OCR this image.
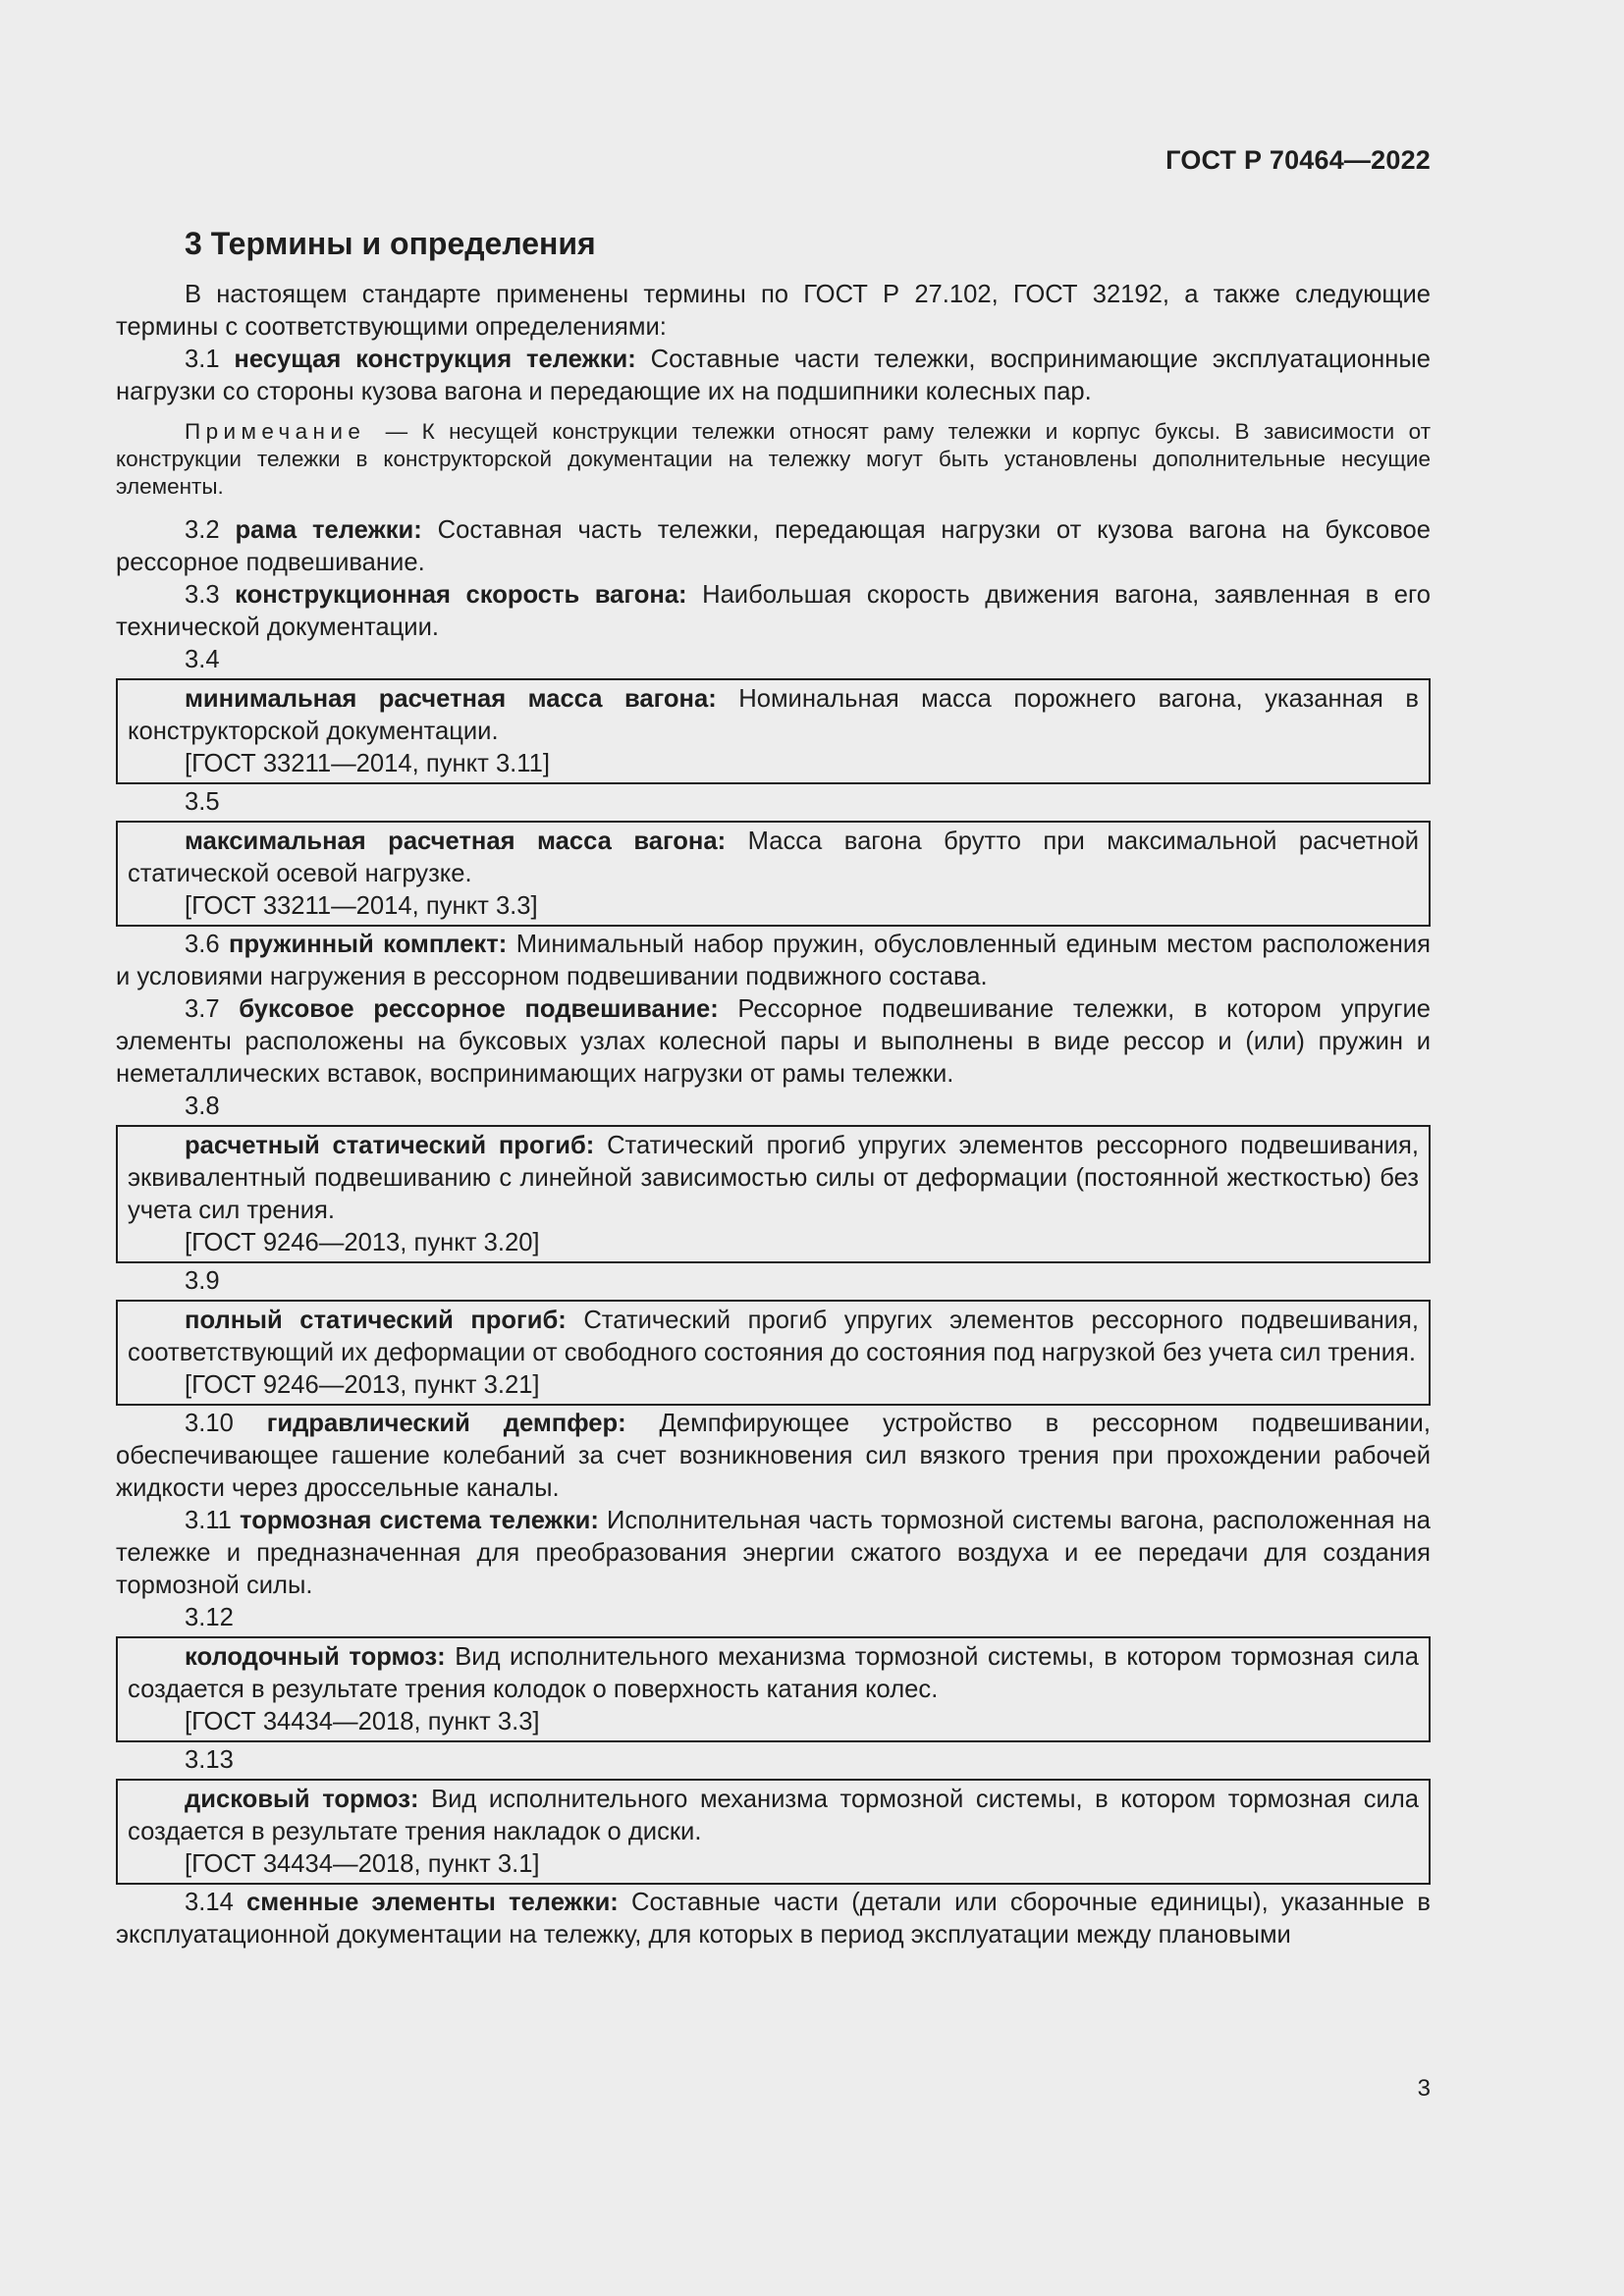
ГОСТ Р 70464—2022
3 Термины и определения

В настоящем стандарте применены термины по ГОСТ Р 27.102, ГОСТ 32192, а также следующие термины с соответствующими определениями:

3.1 несущая конструкция тележки: Составные части тележки, воспринимающие эксплуатационные нагрузки со стороны кузова вагона и передающие их на подшипники колесных пар.

Примечание — К несущей конструкции тележки относят раму тележки и корпус буксы. В зависимости от конструкции тележки в конструкторской документации на тележку могут быть установлены дополнительные несущие элементы.

3.2 рама тележки: Составная часть тележки, передающая нагрузки от кузова вагона на буксовое рессорное подвешивание.

3.3 конструкционная скорость вагона: Наибольшая скорость движения вагона, заявленная в его технической документации.

3.4

минимальная расчетная масса вагона: Номинальная масса порожнего вагона, указанная в конструкторской документации.

[ГОСТ 33211—2014, пункт 3.11]
3.5

максимальная расчетная масса вагона: Масса вагона брутто при максимальной расчетной статической осевой нагрузке.

[ГОСТ 33211—2014, пункт 3.3]

3.6 пружинный комплект: Минимальный набор пружин, обусловленный единым местом расположения и условиями нагружения в рессорном подвешивании подвижного состава.

3.7 буксовое рессорное подвешивание: Рессорное подвешивание тележки, в котором упругие элементы расположены на буксовых узлах колесной пары и выполнены в виде рессор и (или) пружин и неметаллических вставок, воспринимающих нагрузки от рамы тележки.

3.8

расчетный статический прогиб: Статический прогиб упругих элементов рессорного подвешивания, эквивалентный подвешиванию с линейной зависимостью силы от деформации (постоянной жесткостью) без учета сил трения.

[ГОСТ 9246—2013, пункт 3.20]
3.9

полный статический прогиб: Статический прогиб упругих элементов рессорного подвешивания, соответствующий их деформации от свободного состояния до состояния под нагрузкой без учета сил трения.

[ГОСТ 9246—2013, пункт 3.21]

3.10 гидравлический демпфер: Демпфирующее устройство в рессорном подвешивании, обеспечивающее гашение колебаний за счет возникновения сил вязкого трения при прохождении рабочей жидкости через дроссельные каналы.

3.11 тормозная система тележки: Исполнительная часть тормозной системы вагона, расположенная на тележке и предназначенная для преобразования энергии сжатого воздуха и ее передачи для создания тормозной силы.

3.12

колодочный тормоз: Вид исполнительного механизма тормозной системы, в котором тормозная сила создается в результате трения колодок о поверхность катания колес.

[ГОСТ 34434—2018, пункт 3.3]
3.13

дисковый тормоз: Вид исполнительного механизма тормозной системы, в котором тормозная сила создается в результате трения накладок о диски.

[ГОСТ 34434—2018, пункт 3.1]

3.14 сменные элементы тележки: Составные части (детали или сборочные единицы), указанные в эксплуатационной документации на тележку, для которых в период эксплуатации между плановыми

3
